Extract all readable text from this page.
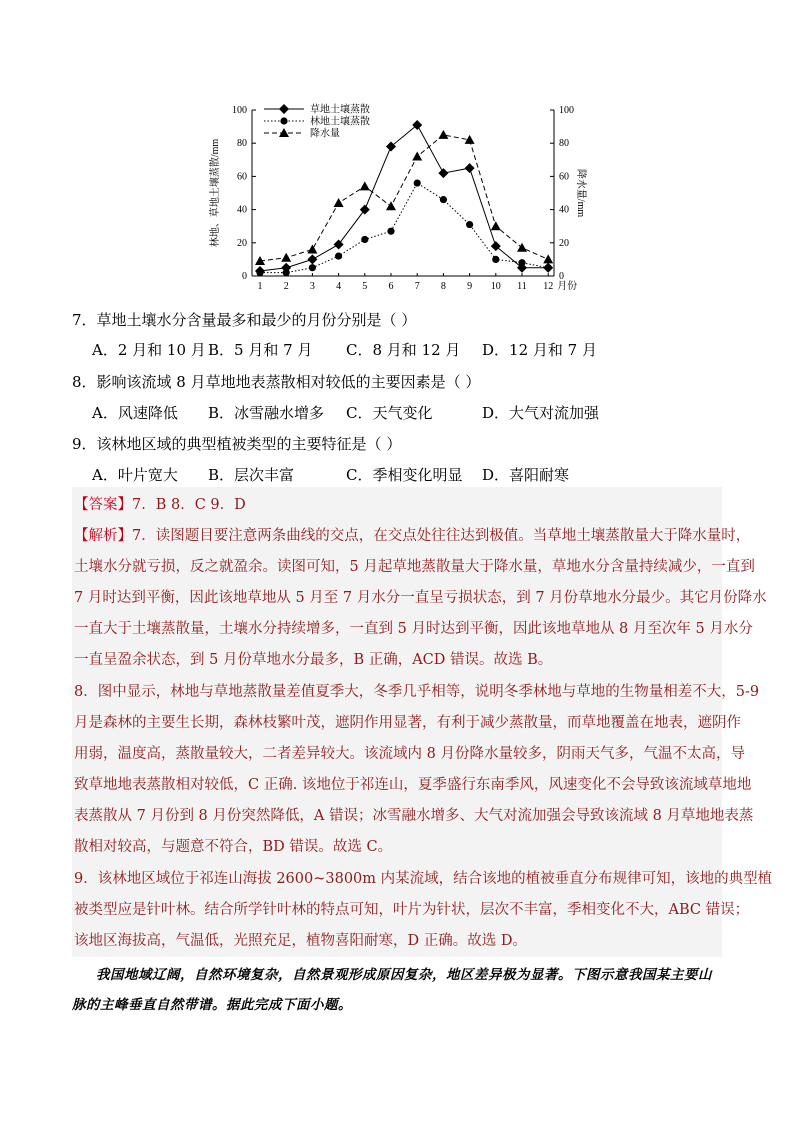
0	0
20	20
40	40
60	60
80	80
100	100
1 2 3 4 5 6 7 8 9 10 11 12 月份
林地、草地土壤蒸散/mm	降水量/mm
草地土壤蒸散
林地土壤蒸散
降水量
7．草地土壤水分含量最多和最少的月份分别是（ ）
A．2 月和 10 月 B．5 月和 7 月 C．8 月和 12 月 D．12 月和 7 月
8．影响该流域 8 月草地地表蒸散相对较低的主要因素是（ ）
A．风速降低 B．冰雪融水增多 C．天气变化	D．大气对流加强
9．该林地区域的典型植被类型的主要特征是（ ）
A．叶片宽大 B．层次丰富	C．季相变化明显 D．喜阳耐寒
【答案】7．B 8．C 9．D
【解析】7．读图题目要注意两条曲线的交点，在交点处往往达到极值。当草地土壤蒸散量大于降水量时，
土壤水分就亏损，反之就盈余。读图可知，5 月起草地蒸散量大于降水量，草地水分含量持续减少，一直到
7 月时达到平衡，因此该地草地从 5 月至 7 月水分一直呈亏损状态，到 7 月份草地水分最少。其它月份降水
一直大于土壤蒸散量，土壤水分持续增多，一直到 5 月时达到平衡，因此该地草地从 8 月至次年 5 月水分
一直呈盈余状态，到 5 月份草地水分最多，B 正确，ACD 错误。故选 B。
8．图中显示，林地与草地蒸散量差值夏季大，冬季几乎相等，说明冬季林地与草地的生物量相差不大，5-9
月是森林的主要生长期，森林枝繁叶茂，遮阴作用显著，有利于减少蒸散量，而草地覆盖在地表，遮阴作
用弱，温度高，蒸散量较大，二者差异较大。该流域内 8 月份降水量较多，阴雨天气多，气温不太高，导
致草地地表蒸散相对较低，C 正确. 该地位于祁连山，夏季盛行东南季风，风速变化不会导致该流域草地地
表蒸散从 7 月份到 8 月份突然降低，A 错误；冰雪融水增多、大气对流加强会导致该流域 8 月草地地表蒸
散相对较高，与题意不符合，BD 错误。故选 C。
9．该林地区域位于祁连山海拔 2600~3800m 内某流域，结合该地的植被垂直分布规律可知，该地的典型植
被类型应是针叶林。结合所学针叶林的特点可知，叶片为针状，层次不丰富，季相变化不大，ABC 错误；
该地区海拔高，气温低，光照充足，植物喜阳耐寒，D 正确。故选 D。
我国地域辽阔，自然环境复杂，自然景观形成原因复杂，地区差异极为显著。下图示意我国某主要山
脉的主峰垂直自然带谱。据此完成下面小题。
